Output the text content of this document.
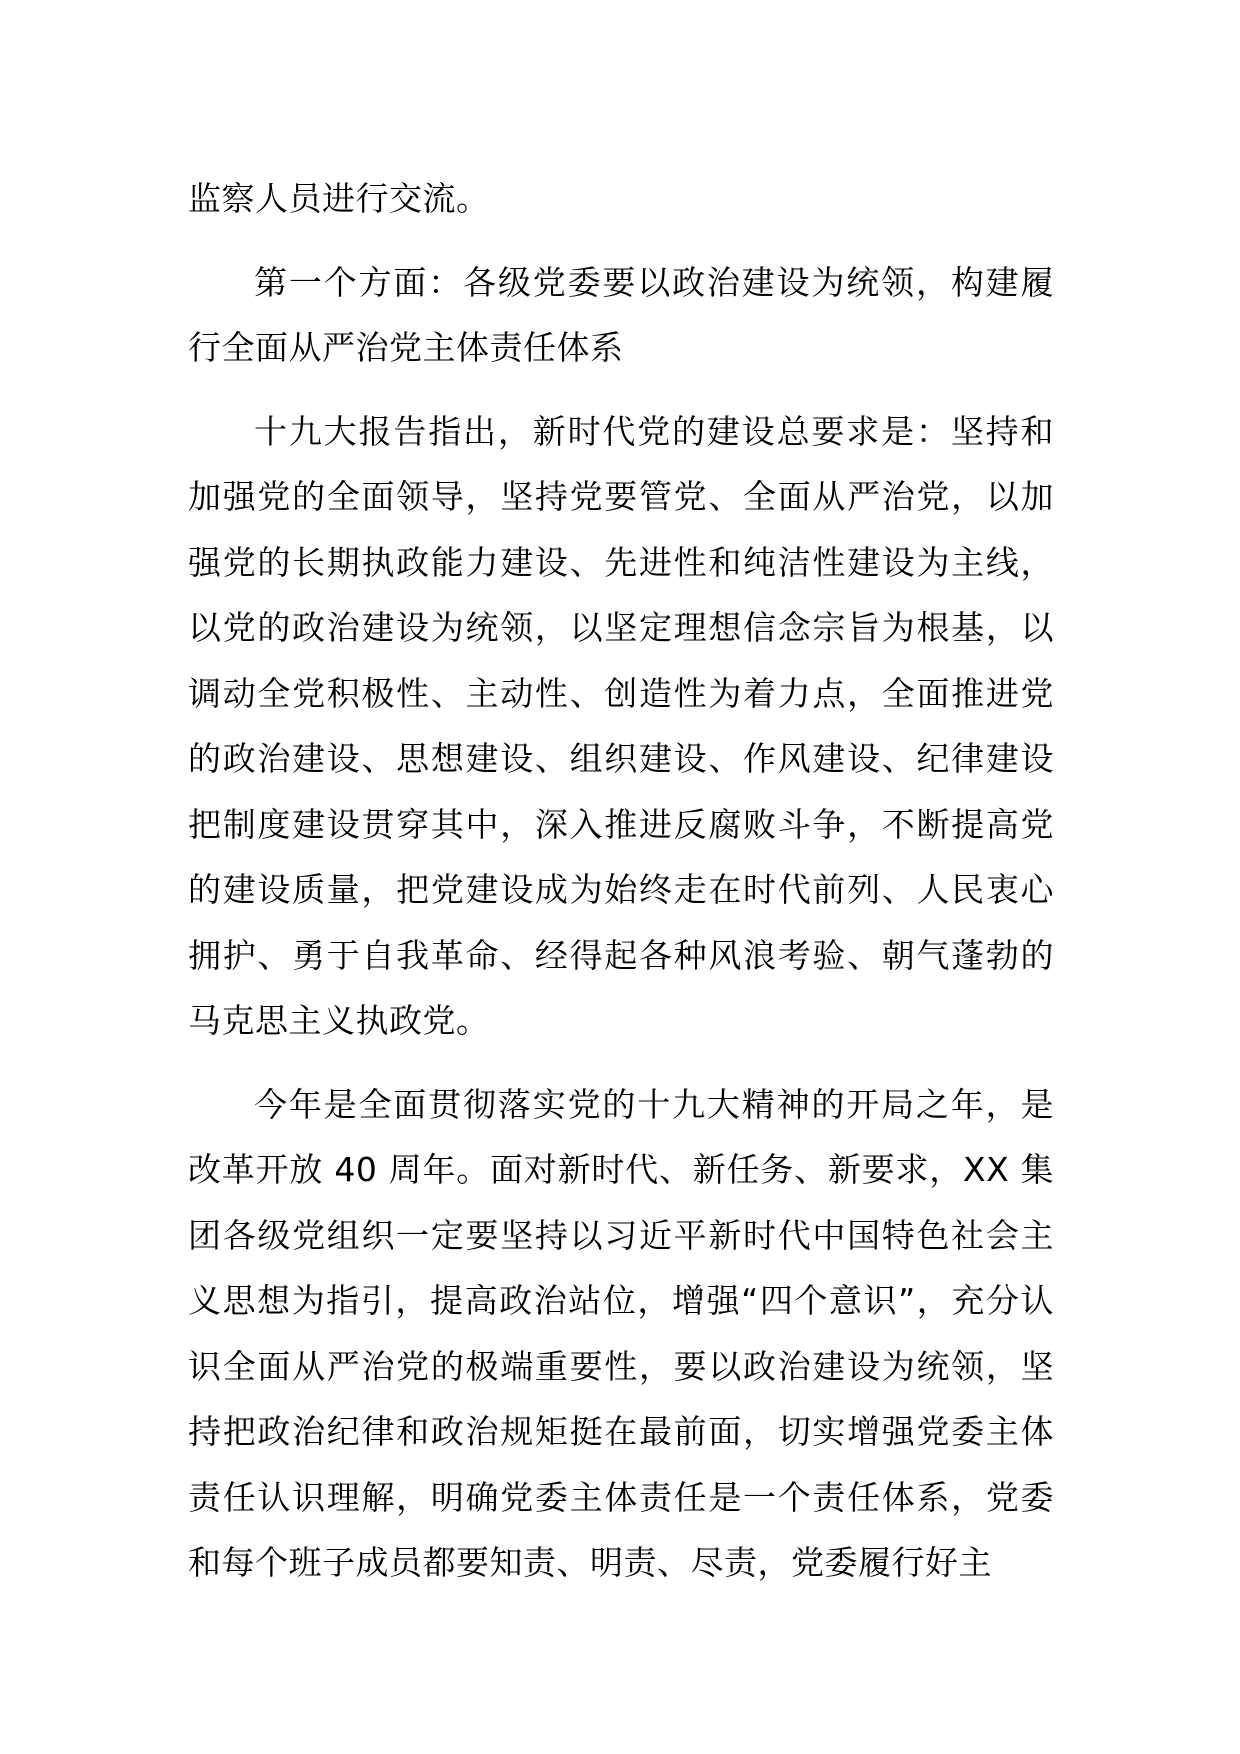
监察人员进行交流。

第一个方面：各级党委要以政治建设为统领，构建履行全面从严治党主体责任体系

十九大报告指出，新时代党的建设总要求是：坚持和加强党的全面领导，坚持党要管党、全面从严治党，以加强党的长期执政能力建设、先进性和纯洁性建设为主线，以党的政治建设为统领，以坚定理想信念宗旨为根基，以调动全党积极性、主动性、创造性为着力点，全面推进党的政治建设、思想建设、组织建设、作风建设、纪律建设把制度建设贯穿其中，深入推进反腐败斗争，不断提高党的建设质量，把党建设成为始终走在时代前列、人民衷心拥护、勇于自我革命、经得起各种风浪考验、朝气蓬勃的马克思主义执政党。

今年是全面贯彻落实党的十九大精神的开局之年，是改革开放 40 周年。面对新时代、新任务、新要求，XX 集团各级党组织一定要坚持以习近平新时代中国特色社会主义思想为指引，提高政治站位，增强“四个意识”，充分认识全面从严治党的极端重要性，要以政治建设为统领，坚持把政治纪律和政治规矩挺在最前面，切实增强党委主体责任认识理解，明确党委主体责任是一个责任体系，党委和每个班子成员都要知责、明责、尽责，党委履行好主
